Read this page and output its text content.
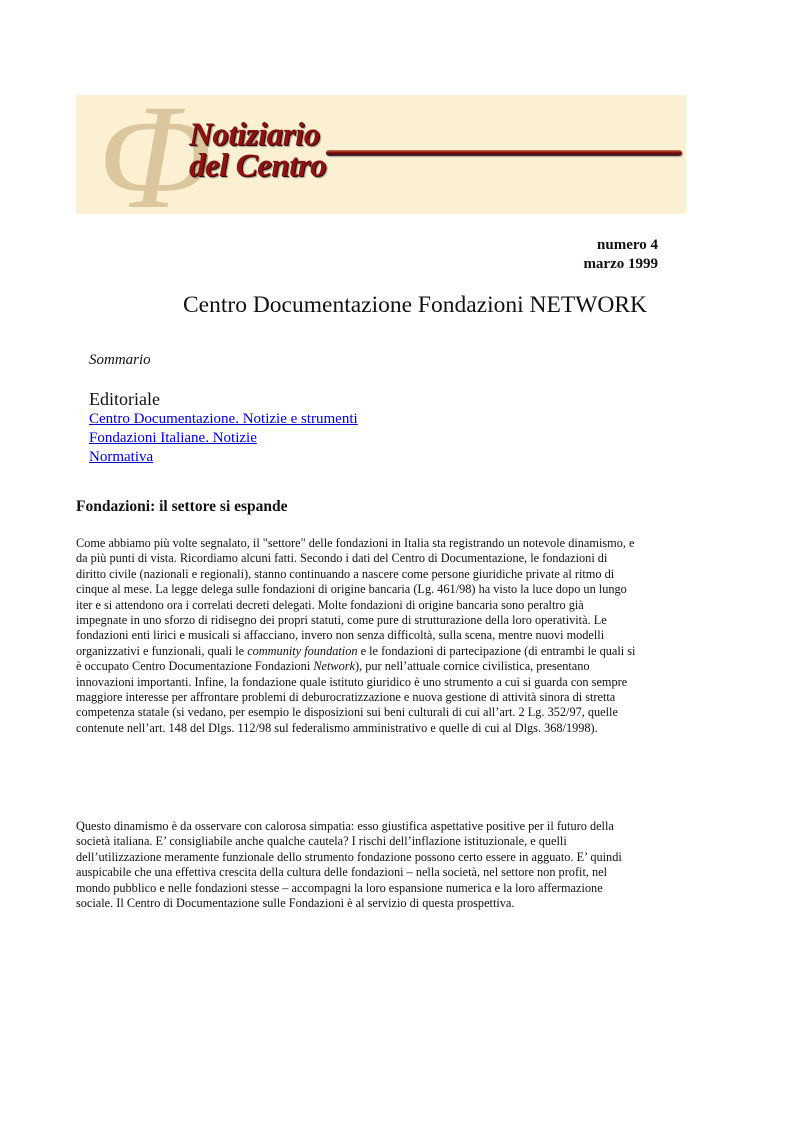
Φ
Notiziario
del Centro
numero 4
marzo 1999
Centro Documentazione Fondazioni NETWORK
Sommario
Editoriale
Centro Documentazione. Notizie e strumenti
Fondazioni Italiane. Notizie
Normativa
Fondazioni: il settore si espande

Come abbiamo più volte segnalato, il "settore" delle fondazioni in Italia sta registrando un notevole dinamismo, e da più punti di vista. Ricordiamo alcuni fatti. Secondo i dati del Centro di Documentazione, le fondazioni di diritto civile (nazionali e regionali), stanno continuando a nascere come persone giuridiche private al ritmo di cinque al mese. La legge delega sulle fondazioni di origine bancaria (Lg. 461/98) ha visto la luce dopo un lungo iter e si attendono ora i correlati decreti delegati. Molte fondazioni di origine bancaria sono peraltro già impegnate in uno sforzo di ridisegno dei propri statuti, come pure di strutturazione della loro operatività. Le fondazioni enti lirici e musicali si affacciano, invero non senza difficoltà, sulla scena, mentre nuovi modelli organizzativi e funzionali, quali le community foundation e le fondazioni di partecipazione (di entrambi le quali si è occupato Centro Documentazione Fondazioni Network), pur nell’attuale cornice civilistica, presentano innovazioni importanti. Infine, la fondazione quale istituto giuridico è uno strumento a cui si guarda con sempre maggiore interesse per affrontare problemi di deburocratizzazione e nuova gestione di attività sinora di stretta competenza statale (si vedano, per esempio le disposizioni sui beni culturali di cui all’art. 2 Lg. 352/97, quelle contenute nell’art. 148 del Dlgs. 112/98 sul federalismo amministrativo e quelle di cui al Dlgs. 368/1998).

Questo dinamismo è da osservare con calorosa simpatia: esso giustifica aspettative positive per il futuro della società italiana. E’ consigliabile anche qualche cautela? I rischi dell’inflazione istituzionale, e quelli dell’utilizzazione meramente funzionale dello strumento fondazione possono certo essere in agguato. E’ quindi auspicabile che una effettiva crescita della cultura delle fondazioni – nella società, nel settore non profit, nel mondo pubblico e nelle fondazioni stesse – accompagni la loro espansione numerica e la loro affermazione sociale. Il Centro di Documentazione sulle Fondazioni è al servizio di questa prospettiva.
